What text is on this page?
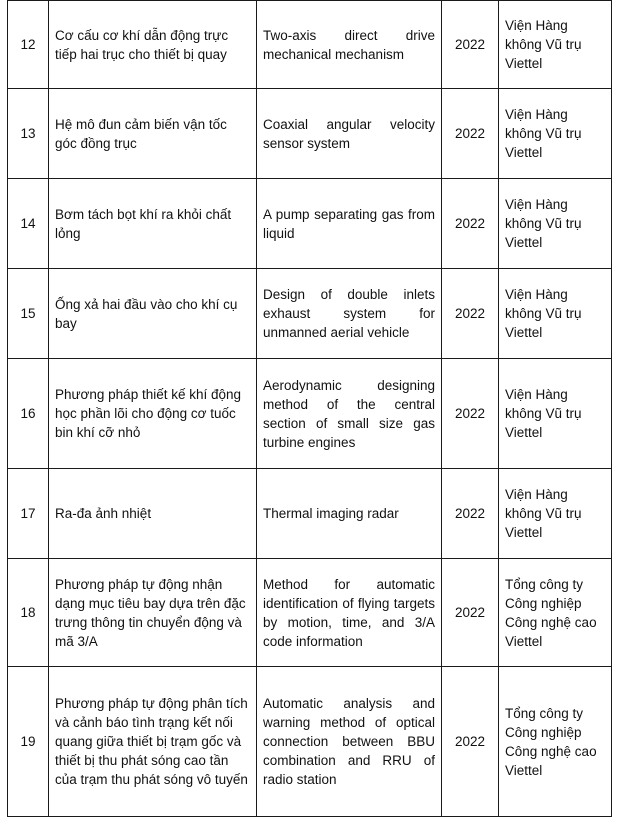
12	Cơ cấu cơ khí dẫn động trực tiếp hai trục cho thiết bị quay	Two-axis direct drive mechanical mechanism	2022	Viện Hàng không Vũ trụ Viettel
13	Hệ mô đun cảm biến vận tốc góc đồng trục	Coaxial angular velocity sensor system	2022	Viện Hàng không Vũ trụ Viettel
14	Bơm tách bọt khí ra khỏi chất lỏng	A pump separating gas from liquid	2022	Viện Hàng không Vũ trụ Viettel
15	Ống xả hai đầu vào cho khí cụ bay	Design of double inlets exhaust system for unmanned aerial vehicle	2022	Viện Hàng không Vũ trụ Viettel
16	Phương pháp thiết kế khí động học phần lõi cho động cơ tuốc bin khí cỡ nhỏ	Aerodynamic designing method of the central section of small size gas turbine engines	2022	Viện Hàng không Vũ trụ Viettel
17	Ra-đa ảnh nhiệt	Thermal imaging radar	2022	Viện Hàng không Vũ trụ Viettel
18	Phương pháp tự động nhận dạng mục tiêu bay dựa trên đặc trưng thông tin chuyển động và mã 3/A	Method for automatic identification of flying targets by motion, time, and 3/A code information	2022	Tổng công ty Công nghiệp Công nghệ cao Viettel
19	Phương pháp tự động phân tích và cảnh báo tình trạng kết nối quang giữa thiết bị trạm gốc và thiết bị thu phát sóng cao tần của trạm thu phát sóng vô tuyến	Automatic analysis and warning method of optical connection between BBU combination and RRU of radio station	2022	Tổng công ty Công nghiệp Công nghệ cao Viettel
